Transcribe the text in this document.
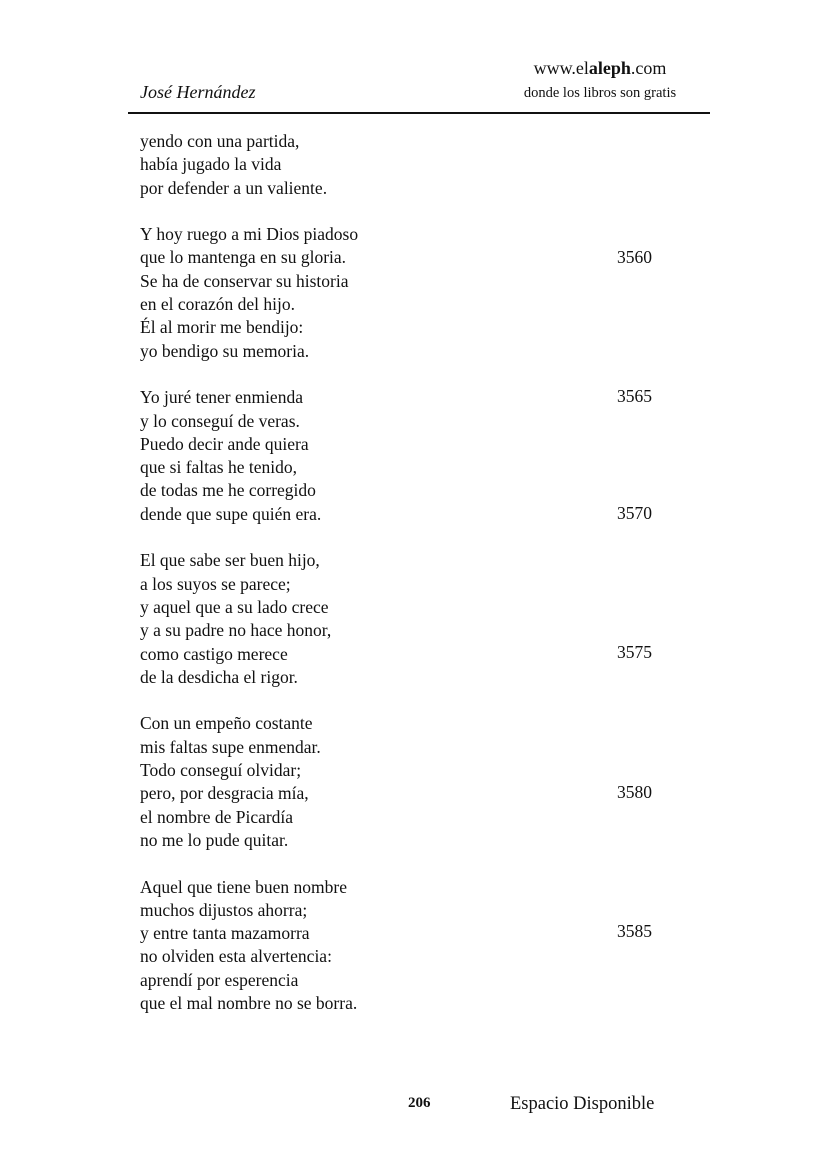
José Hernández
www.elaleph.com
donde los libros son gratis
yendo con una partida,
había jugado la vida
por defender a un valiente.
Y hoy ruego a mi Dios piadoso
que lo mantenga en su gloria.
Se ha de conservar su historia
en el corazón del hijo.
Él al morir me bendijo:
yo bendigo su memoria.
Yo juré tener enmienda
y lo conseguí de veras.
Puedo decir ande quiera
que si faltas he tenido,
de todas me he corregido
dende que supe quién era.
El que sabe ser buen hijo,
a los suyos se parece;
y aquel que a su lado crece
y a su padre no hace honor,
como castigo merece
de la desdicha el rigor.
Con un empeño costante
mis faltas supe enmendar.
Todo conseguí olvidar;
pero, por desgracia mía,
el nombre de Picardía
no me lo pude quitar.
Aquel que tiene buen nombre
muchos dijustos ahorra;
y entre tanta mazamorra
no olviden esta alvertencia:
aprendí por esperencia
que el mal nombre no se borra.
3560
3565
3570
3575
3580
3585
206	Espacio Disponible
